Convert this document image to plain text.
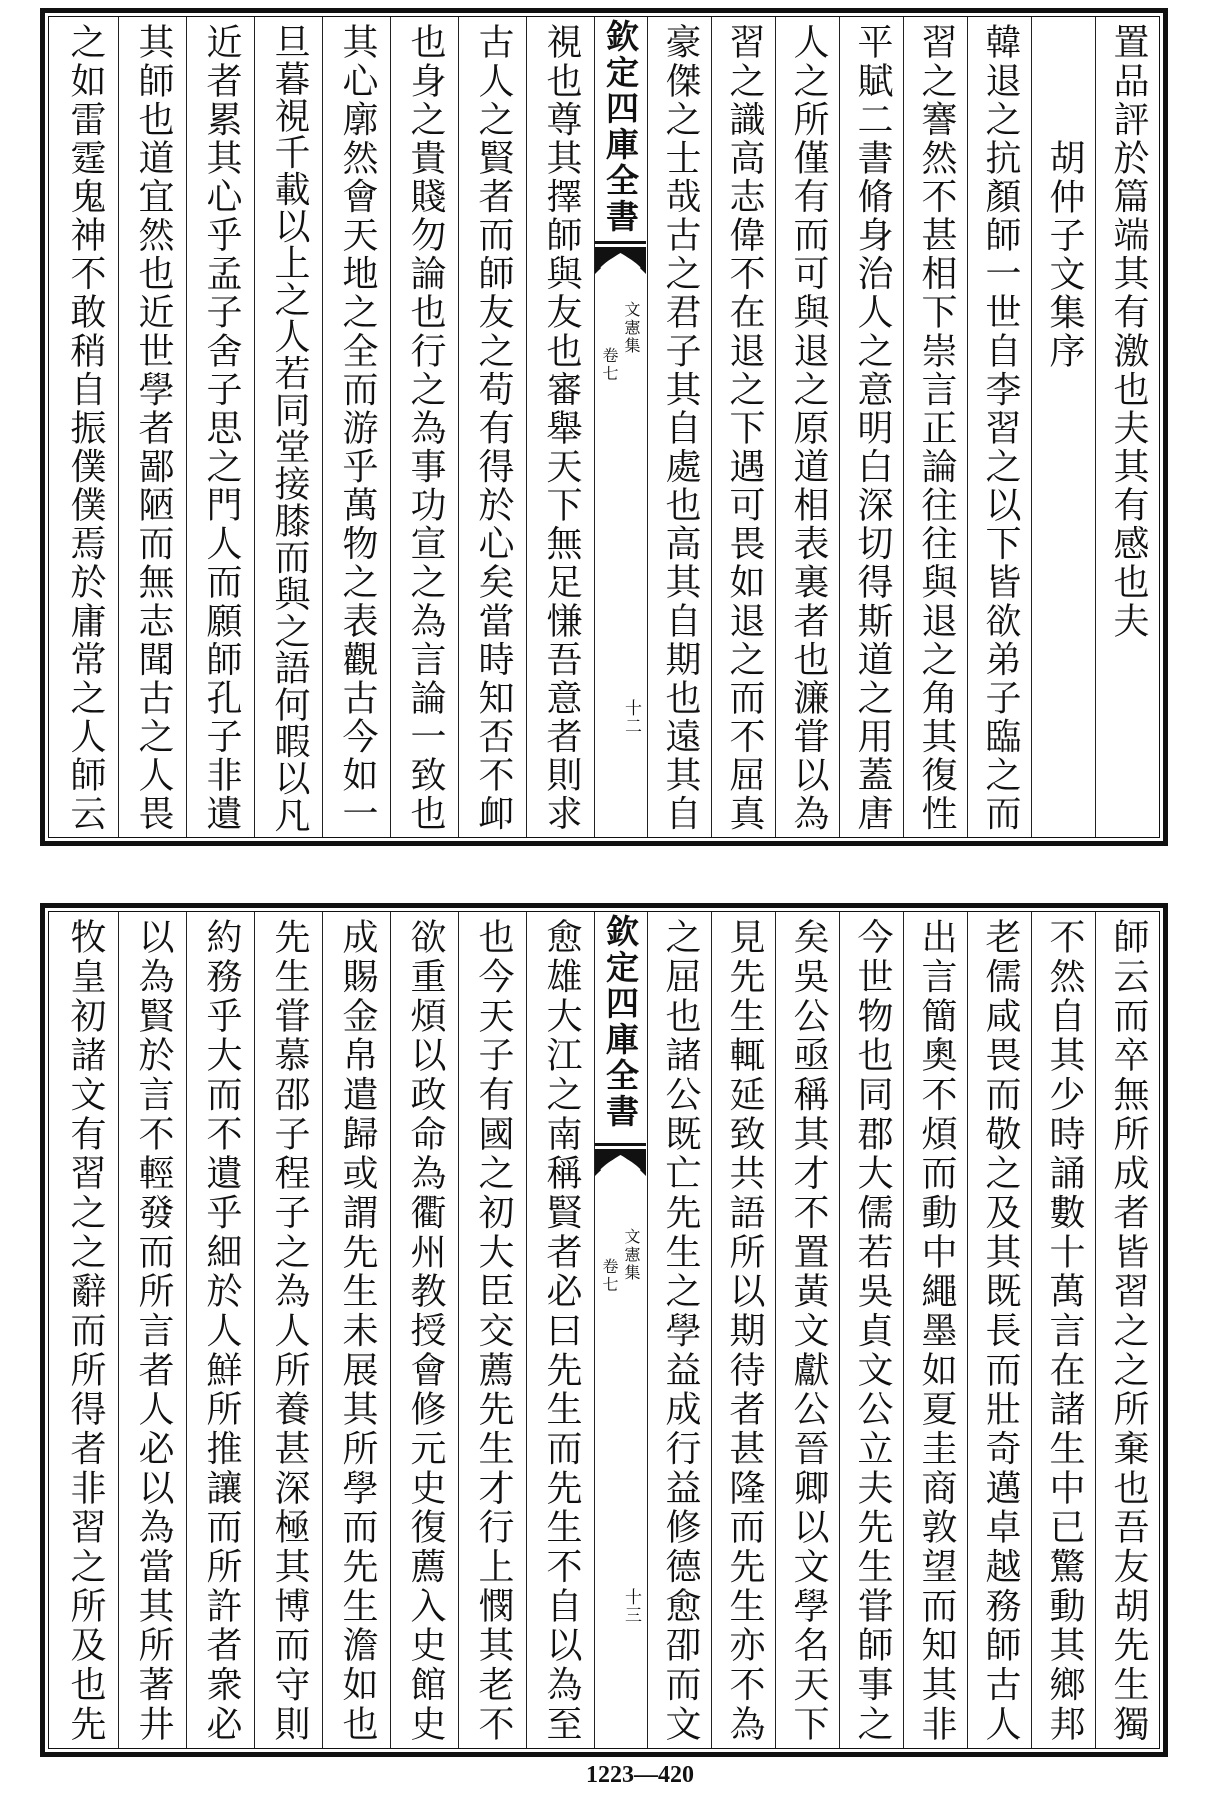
置品評於篇端其有激也夫其有感也夫
胡仲子文集序
韓退之抗顏師一世自李習之以下皆欲弟子臨之而
習之謇然不甚相下崇言正論往往與退之角其復性
平賦二書脩身治人之意明白深切得斯道之用蓋唐
人之所僅有而可與退之原道相表裏者也濂甞以為
習之識高志偉不在退之下遇可畏如退之而不屈真
豪傑之士哉古之君子其自處也高其自期也遠其自
欽定四庫全書
文憲集
卷七
十二
視也尊其擇師與友也審舉天下無足慊吾意者則求
古人之賢者而師友之苟有得於心矣當時知否不卹
也身之貴賤勿論也行之為事功宣之為言論一致也
其心廓然會天地之全而游乎萬物之表觀古今如一
旦暮視千載以上之人若同堂接膝而與之語何暇以凡
近者累其心乎孟子舍子思之門人而願師孔子非遺
其師也道宜然也近世學者鄙陋而無志聞古之人畏
之如雷霆鬼神不敢稍自振僕僕焉於庸常之人師云
師云而卒無所成者皆習之之所棄也吾友胡先生獨
不然自其少時誦數十萬言在諸生中已驚動其鄉邦
老儒咸畏而敬之及其既長而壯奇邁卓越務師古人
出言簡奧不煩而動中繩墨如夏圭商敦望而知其非
今世物也同郡大儒若吳貞文公立夫先生甞師事之
矣吳公亟稱其才不置黃文獻公晉卿以文學名天下
見先生輒延致共語所以期待者甚隆而先生亦不為
之屈也諸公既亡先生之學益成行益修德愈卲而文
欽定四庫全書
文憲集
卷七
十三
愈雄大江之南稱賢者必曰先生而先生不自以為至
也今天子有國之初大臣交薦先生才行上憫其老不
欲重煩以政命為衢州教授會修元史復薦入史館史
成賜金帛遣歸或謂先生未展其所學而先生澹如也
先生甞慕邵子程子之為人所養甚深極其博而守則
約務乎大而不遺乎細於人鮮所推讓而所許者衆必
以為賢於言不輕發而所言者人必以為當其所著井
牧皇初諸文有習之之辭而所得者非習之所及也先
1223—420
